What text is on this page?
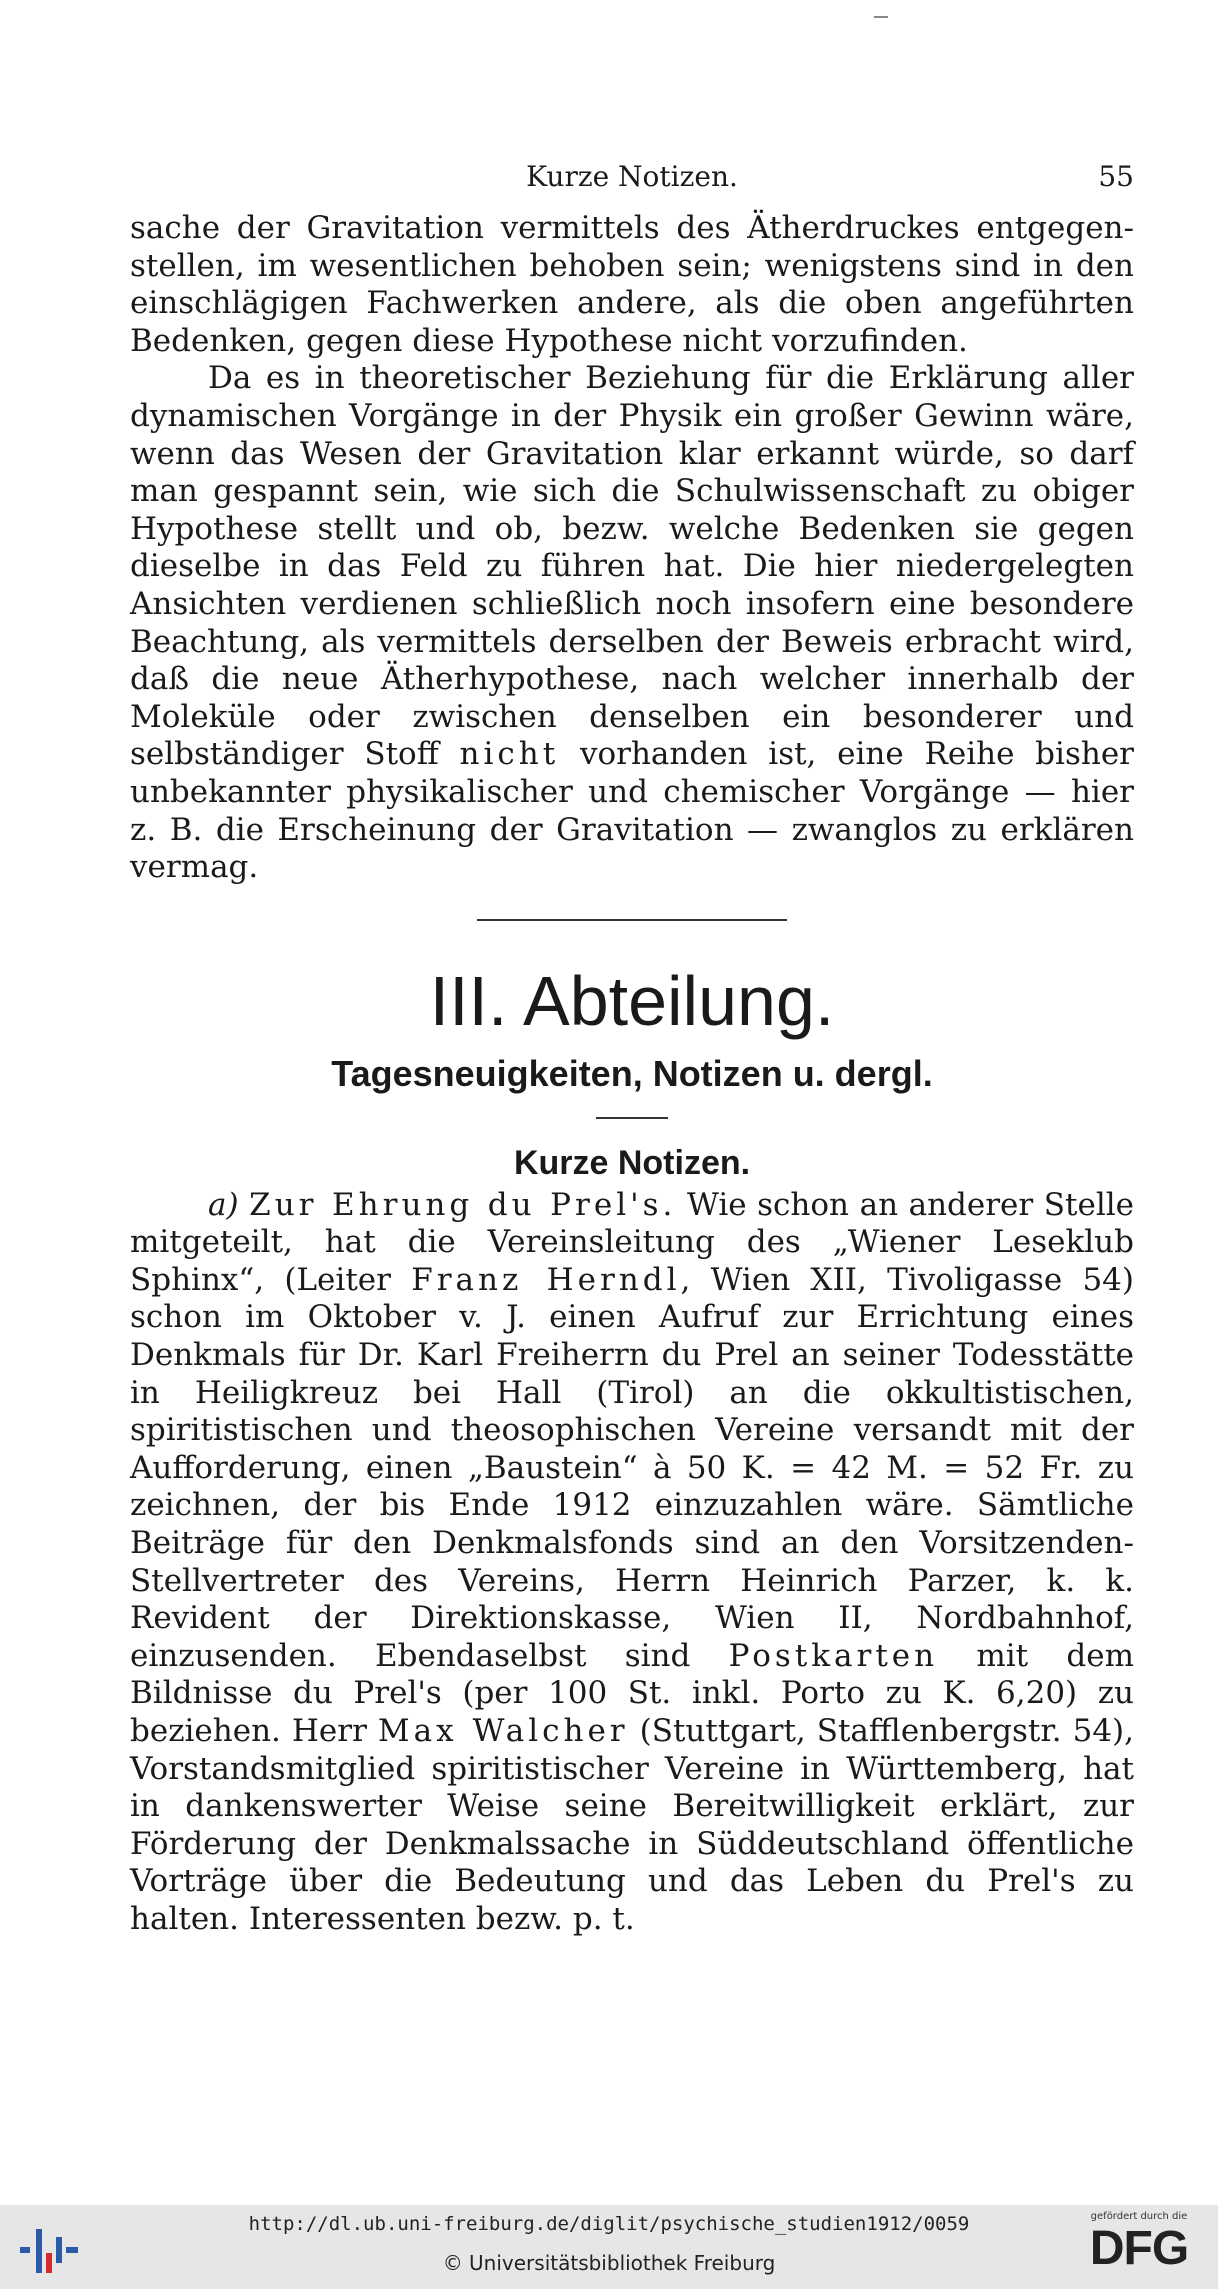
Kurze Notizen.	55

sache der Gravitation vermittels des Ätherdruckes entgegenstellen, im wesentlichen behoben sein; wenigstens sind in den einschlägigen Fachwerken andere, als die oben angeführten Bedenken, gegen diese Hypothese nicht vorzufinden.

Da es in theoretischer Beziehung für die Erklärung aller dynamischen Vorgänge in der Physik ein großer Gewinn wäre, wenn das Wesen der Gravitation klar erkannt würde, so darf man gespannt sein, wie sich die Schulwissenschaft zu obiger Hypothese stellt und ob, bezw. welche Bedenken sie gegen dieselbe in das Feld zu führen hat. Die hier niedergelegten Ansichten verdienen schließlich noch insofern eine besondere Beachtung, als vermittels derselben der Beweis erbracht wird, daß die neue Ätherhypothese, nach welcher innerhalb der Moleküle oder zwischen denselben ein besonderer und selbständiger Stoff nicht vorhanden ist, eine Reihe bisher unbekannter physikalischer und chemischer Vorgänge — hier z. B. die Erscheinung der Gravitation — zwanglos zu erklären vermag.

III. Abteilung.
Tagesneuigkeiten, Notizen u. dergl.
Kurze Notizen.

a) Zur Ehrung du Prel's. Wie schon an anderer Stelle mitgeteilt, hat die Vereinsleitung des „Wiener Leseklub Sphinx“, (Leiter Franz Herndl, Wien XII, Tivoligasse 54) schon im Oktober v. J. einen Aufruf zur Errichtung eines Denkmals für Dr. Karl Freiherrn du Prel an seiner Todesstätte in Heiligkreuz bei Hall (Tirol) an die okkultistischen, spiritistischen und theosophischen Vereine versandt mit der Aufforderung, einen „Baustein“ à 50 K. = 42 M. = 52 Fr. zu zeichnen, der bis Ende 1912 einzuzahlen wäre. Sämtliche Beiträge für den Denkmalsfonds sind an den Vorsitzenden-Stellvertreter des Vereins, Herrn Heinrich Parzer, k. k. Revident der Direktionskasse, Wien II, Nordbahnhof, einzusenden. Ebendaselbst sind Postkarten mit dem Bildnisse du Prel's (per 100 St. inkl. Porto zu K. 6,20) zu beziehen. Herr Max Walcher (Stuttgart, Stafflenbergstr. 54), Vorstandsmitglied spiritistischer Vereine in Württemberg, hat in dankenswerter Weise seine Bereitwilligkeit erklärt, zur Förderung der Denkmalssache in Süddeutschland öffentliche Vorträge über die Bedeutung und das Leben du Prel's zu halten. Interessenten bezw. p. t.

http://dl.ub.uni-freiburg.de/diglit/psychische_studien1912/0059
© Universitätsbibliothek Freiburg
gefördert durch die
DFG
